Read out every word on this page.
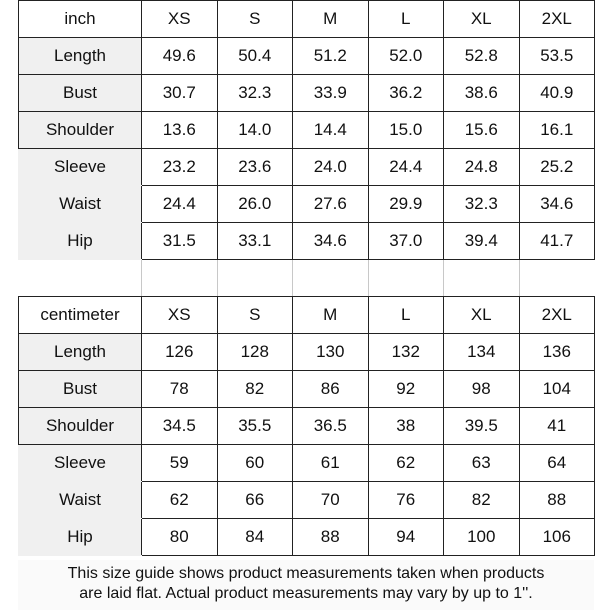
inch	XS	S	M	L	XL	2XL
Length	49.6	50.4	51.2	52.0	52.8	53.5
Bust	30.7	32.3	33.9	36.2	38.6	40.9
Shoulder	13.6	14.0	14.4	15.0	15.6	16.1
Sleeve	23.2	23.6	24.0	24.4	24.8	25.2
Waist	24.4	26.0	27.6	29.9	32.3	34.6
Hip	31.5	33.1	34.6	37.0	39.4	41.7
centimeter	XS	S	M	L	XL	2XL
Length	126	128	130	132	134	136
Bust	78	82	86	92	98	104
Shoulder	34.5	35.5	36.5	38	39.5	41
Sleeve	59	60	61	62	63	64
Waist	62	66	70	76	82	88
Hip	80	84	88	94	100	106
This size guide shows product measurements taken when products
are laid flat. Actual product measurements may vary by up to 1''.
